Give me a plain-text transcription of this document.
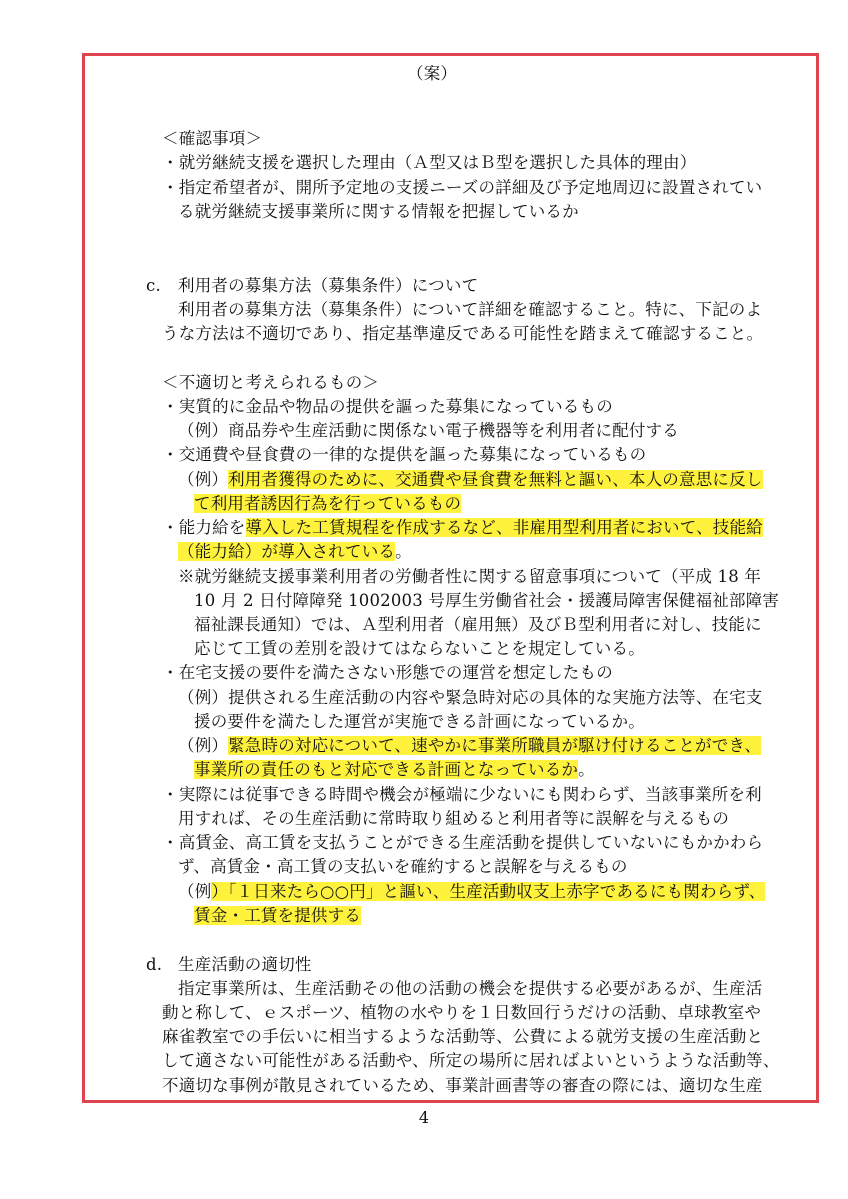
（案）
＜確認事項＞
・就労継続支援を選択した理由（Ａ型又はＢ型を選択した具体的理由）
・指定希望者が、開所予定地の支援ニーズの詳細及び予定地周辺に設置されてい
る就労継続支援事業所に関する情報を把握しているか
c. 利用者の募集方法（募集条件）について
利用者の募集方法（募集条件）について詳細を確認すること。特に、下記のよ
うな方法は不適切であり、指定基準違反である可能性を踏まえて確認すること。
＜不適切と考えられるもの＞
・実質的に金品や物品の提供を謳った募集になっているもの
（例）商品券や生産活動に関係ない電子機器等を利用者に配付する
・交通費や昼食費の一律的な提供を謳った募集になっているもの
（例）利用者獲得のために、交通費や昼食費を無料と謳い、本人の意思に反し
て利用者誘因行為を行っているもの
・能力給を導入した工賃規程を作成するなど、非雇用型利用者において、技能給
（能力給）が導入されている。
※就労継続支援事業利用者の労働者性に関する留意事項について（平成 18 年
10 月 2 日付障障発 1002003 号厚生労働省社会・援護局障害保健福祉部障害
福祉課長通知）では、Ａ型利用者（雇用無）及びＢ型利用者に対し、技能に
応じて工賃の差別を設けてはならないことを規定している。
・在宅支援の要件を満たさない形態での運営を想定したもの
（例）提供される生産活動の内容や緊急時対応の具体的な実施方法等、在宅支
援の要件を満たした運営が実施できる計画になっているか。
（例）緊急時の対応について、速やかに事業所職員が駆け付けることができ、
事業所の責任のもと対応できる計画となっているか。
・実際には従事できる時間や機会が極端に少ないにも関わらず、当該事業所を利
用すれば、その生産活動に常時取り組めると利用者等に誤解を与えるもの
・高賃金、高工賃を支払うことができる生産活動を提供していないにもかかわら
ず、高賃金・高工賃の支払いを確約すると誤解を与えるもの
（例）「１日来たら○○円」と謳い、生産活動収支上赤字であるにも関わらず、
賃金・工賃を提供する
d. 生産活動の適切性
指定事業所は、生産活動その他の活動の機会を提供する必要があるが、生産活
動と称して、ｅスポーツ、植物の水やりを１日数回行うだけの活動、卓球教室や
麻雀教室での手伝いに相当するような活動等、公費による就労支援の生産活動と
して適さない可能性がある活動や、所定の場所に居ればよいというような活動等、
不適切な事例が散見されているため、事業計画書等の審査の際には、適切な生産
4
